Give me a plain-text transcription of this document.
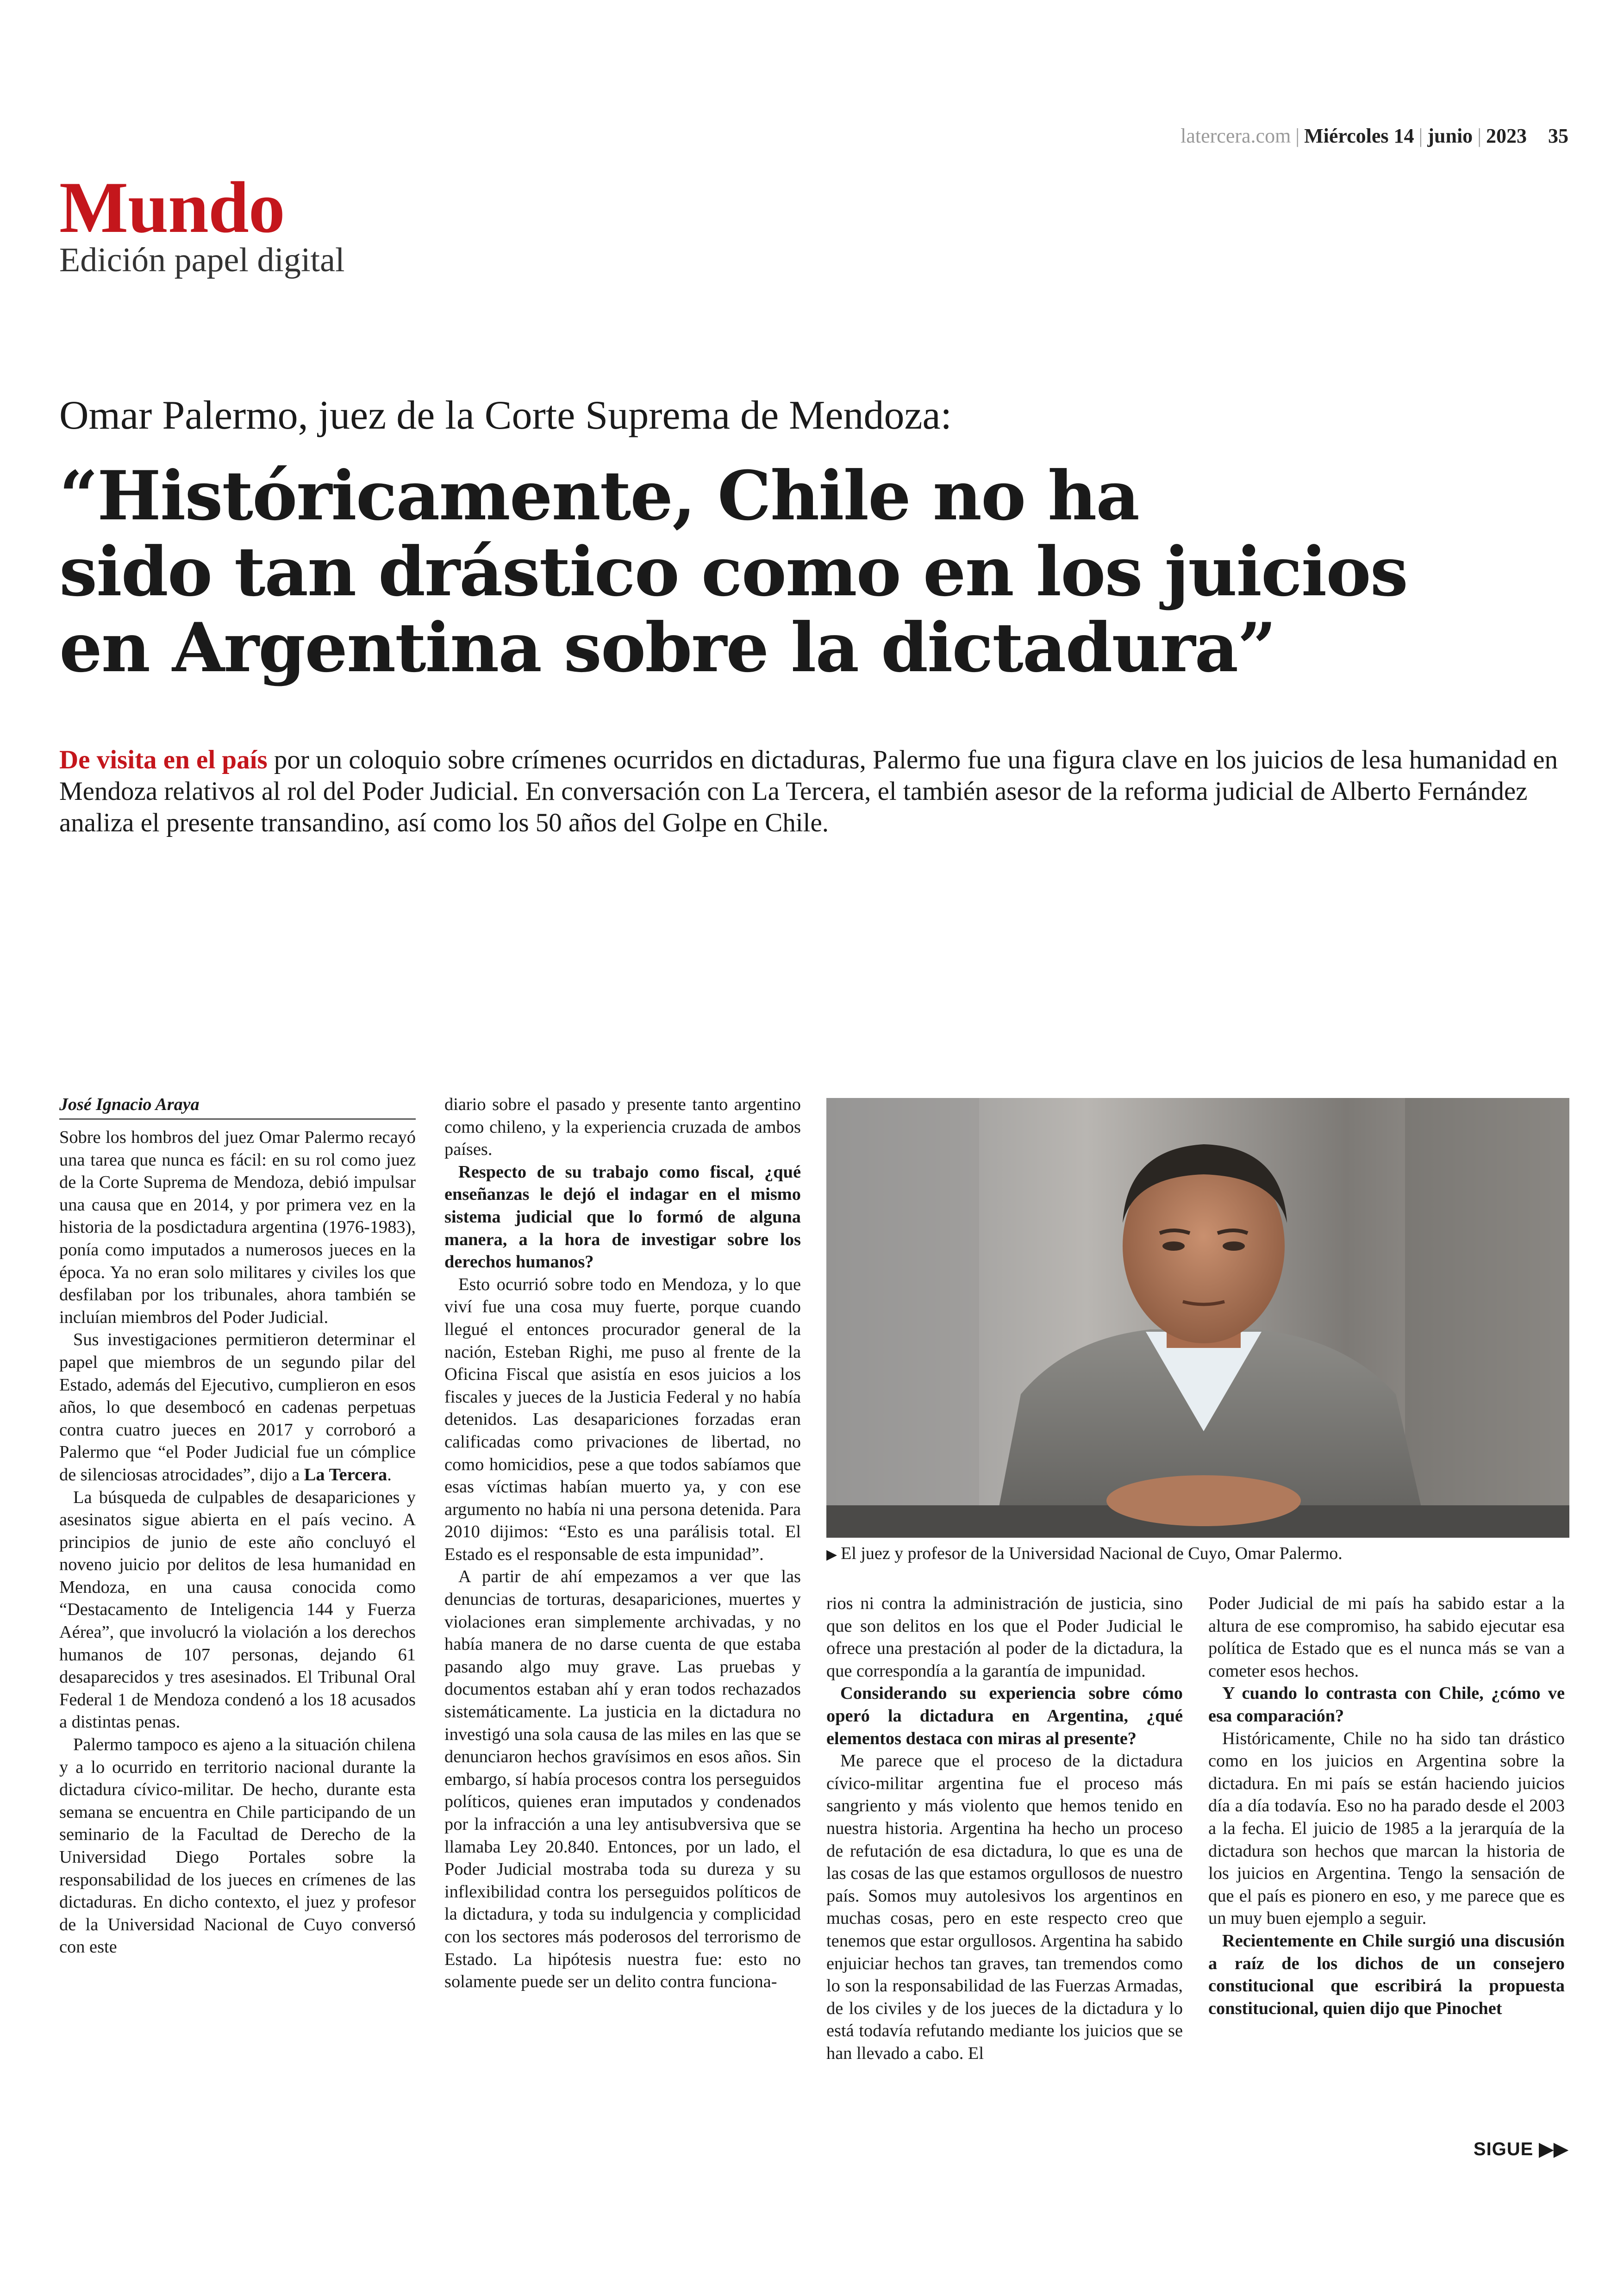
latercera.com | Miércoles 14 | junio | 2023 35
Mundo
Edición papel digital
Omar Palermo, juez de la Corte Suprema de Mendoza:
“Históricamente, Chile no ha
sido tan drástico como en los juicios
en Argentina sobre la dictadura”
De visita en el país por un coloquio sobre crímenes ocurridos en dictaduras, Palermo fue una figura clave en los juicios de lesa humanidad en Mendoza relativos al rol del Poder Judicial. En conversación con La Tercera, el también asesor de la reforma judicial de Alberto Fernández analiza el presente transandino, así como los 50 años del Golpe en Chile.

José Ignacio Araya

Sobre los hombros del juez Omar Palermo recayó una tarea que nunca es fácil: en su rol como juez de la Corte Suprema de Mendoza, debió impulsar una causa que en 2014, y por primera vez en la historia de la posdictadura argentina (1976-1983), ponía como imputados a numerosos jueces en la época. Ya no eran solo militares y civiles los que desfilaban por los tribunales, ahora también se incluían miembros del Poder Judicial.

Sus investigaciones permitieron determinar el papel que miembros de un segundo pilar del Estado, además del Ejecutivo, cumplieron en esos años, lo que desembocó en cadenas perpetuas contra cuatro jueces en 2017 y corroboró a Palermo que “el Poder Judicial fue un cómplice de silenciosas atrocidades”, dijo a La Tercera.

La búsqueda de culpables de desapariciones y asesinatos sigue abierta en el país vecino. A principios de junio de este año concluyó el noveno juicio por delitos de lesa humanidad en Mendoza, en una causa conocida como “Destacamento de Inteligencia 144 y Fuerza Aérea”, que involucró la violación a los derechos humanos de 107 personas, dejando 61 desaparecidos y tres asesinados. El Tribunal Oral Federal 1 de Mendoza condenó a los 18 acusados a distintas penas.

Palermo tampoco es ajeno a la situación chilena y a lo ocurrido en territorio nacional durante la dictadura cívico-militar. De hecho, durante esta semana se encuentra en Chile participando de un seminario de la Facultad de Derecho de la Universidad Diego Portales sobre la responsabilidad de los jueces en crímenes de las dictaduras. En dicho contexto, el juez y profesor de la Universidad Nacional de Cuyo conversó con este

diario sobre el pasado y presente tanto argentino como chileno, y la experiencia cruzada de ambos países.

Respecto de su trabajo como fiscal, ¿qué enseñanzas le dejó el indagar en el mismo sistema judicial que lo formó de alguna manera, a la hora de investigar sobre los derechos humanos?

Esto ocurrió sobre todo en Mendoza, y lo que viví fue una cosa muy fuerte, porque cuando llegué el entonces procurador general de la nación, Esteban Righi, me puso al frente de la Oficina Fiscal que asistía en esos juicios a los fiscales y jueces de la Justicia Federal y no había detenidos. Las desapariciones forzadas eran calificadas como privaciones de libertad, no como homicidios, pese a que todos sabíamos que esas víctimas habían muerto ya, y con ese argumento no había ni una persona detenida. Para 2010 dijimos: “Esto es una parálisis total. El Estado es el responsable de esta impunidad”.

A partir de ahí empezamos a ver que las denuncias de torturas, desapariciones, muertes y violaciones eran simplemente archivadas, y no había manera de no darse cuenta de que estaba pasando algo muy grave. Las pruebas y documentos estaban ahí y eran todos rechazados sistemáticamente. La justicia en la dictadura no investigó una sola causa de las miles en las que se denunciaron hechos gravísimos en esos años. Sin embargo, sí había procesos contra los perseguidos políticos, quienes eran imputados y condenados por la infracción a una ley antisubversiva que se llamaba Ley 20.840. Entonces, por un lado, el Poder Judicial mostraba toda su dureza y su inflexibilidad contra los perseguidos políticos de la dictadura, y toda su indulgencia y complicidad con los sectores más poderosos del terrorismo de Estado. La hipótesis nuestra fue: esto no solamente puede ser un delito contra funciona-

▶ El juez y profesor de la Universidad Nacional de Cuyo, Omar Palermo.

rios ni contra la administración de justicia, sino que son delitos en los que el Poder Judicial le ofrece una prestación al poder de la dictadura, la que correspondía a la garantía de impunidad.

Considerando su experiencia sobre cómo operó la dictadura en Argentina, ¿qué elementos destaca con miras al presente?

Me parece que el proceso de la dictadura cívico-militar argentina fue el proceso más sangriento y más violento que hemos tenido en nuestra historia. Argentina ha hecho un proceso de refutación de esa dictadura, lo que es una de las cosas de las que estamos orgullosos de nuestro país. Somos muy autolesivos los argentinos en muchas cosas, pero en este respecto creo que tenemos que estar orgullosos. Argentina ha sabido enjuiciar hechos tan graves, tan tremendos como lo son la responsabilidad de las Fuerzas Armadas, de los civiles y de los jueces de la dictadura y lo está todavía refutando mediante los juicios que se han llevado a cabo. El

Poder Judicial de mi país ha sabido estar a la altura de ese compromiso, ha sabido ejecutar esa política de Estado que es el nunca más se van a cometer esos hechos.

Y cuando lo contrasta con Chile, ¿cómo ve esa comparación?

Históricamente, Chile no ha sido tan drástico como en los juicios en Argentina sobre la dictadura. En mi país se están haciendo juicios día a día todavía. Eso no ha parado desde el 2003 a la fecha. El juicio de 1985 a la jerarquía de la dictadura son hechos que marcan la historia de los juicios en Argentina. Tengo la sensación de que el país es pionero en eso, y me parece que es un muy buen ejemplo a seguir.

Recientemente en Chile surgió una discusión a raíz de los dichos de un consejero constitucional que escribirá la propuesta constitucional, quien dijo que Pinochet

SIGUE ▶▶
